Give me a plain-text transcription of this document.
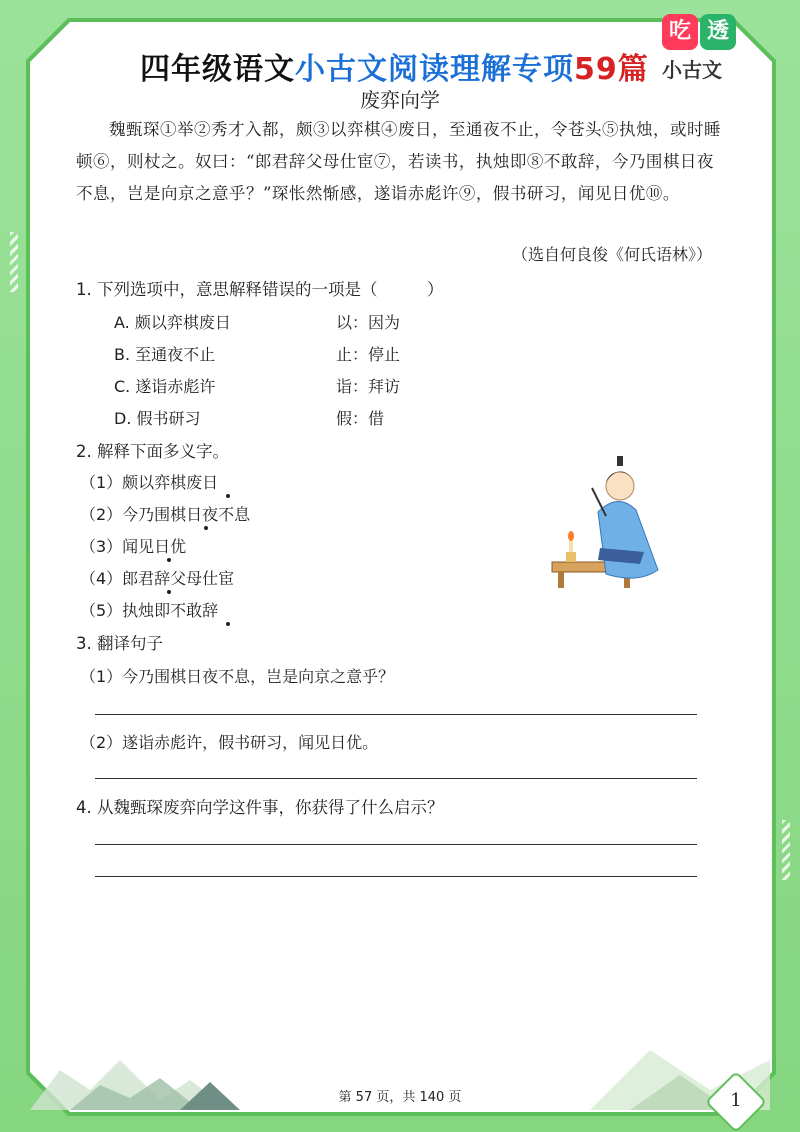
四年级语文小古文阅读理解专项59篇
吃 透
小古文
废弈向学
魏甄琛①举②秀才入都，颇③以弈棋④废日，至通夜不止，令苍头⑤执烛，或时睡顿⑥，则杖之。奴曰：“郎君辞父母仕宦⑦，若读书，执烛即⑧不敢辞，今乃围棋日夜不息，岂是向京之意乎？”琛怅然惭感，遂诣赤彪许⑨，假书研习，闻见日优⑩。
（选自何良俊《何氏语林》）
1. 下列选项中，意思解释错误的一项是（　　　）
A. 颇以弈棋废日	以：因为
B. 至通夜不止	止：停止
C. 遂诣赤彪许	诣：拜访
D. 假书研习	假：借
2. 解释下面多义字。
（1）颇以弈棋废日
（2）今乃围棋日夜不息
（3）闻见日优
（4）郎君辞父母仕宦
（5）执烛即不敢辞
3. 翻译句子
（1）今乃围棋日夜不息，岂是向京之意乎？
（2）遂诣赤彪许，假书研习，闻见日优。
4. 从魏甄琛废弈向学这件事，你获得了什么启示？
第 57 页，共 140 页	1
